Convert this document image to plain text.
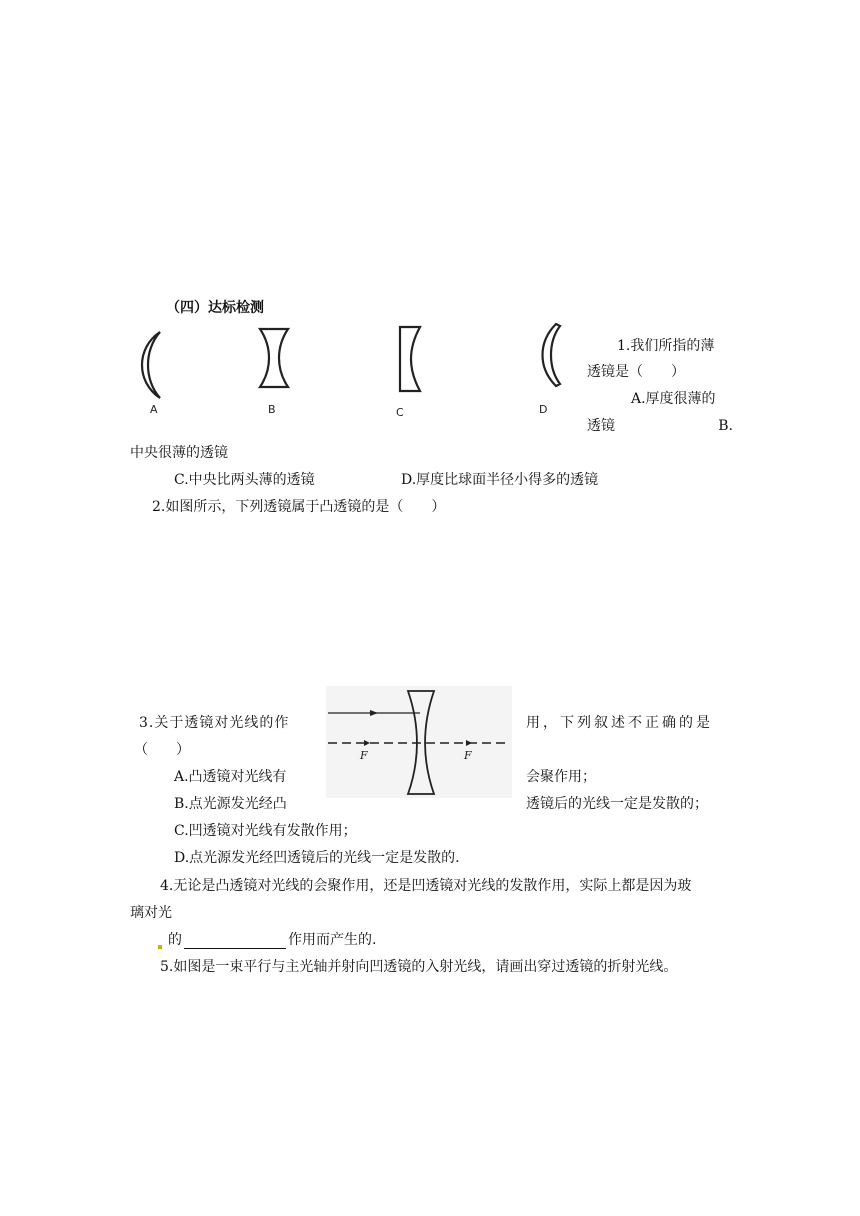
（四）达标检测
A	B	C	D
1.我们所指的薄
透镜是（　　）
A.厚度很薄的
透镜	B.
中央很薄的透镜
C.中央比两头薄的透镜	D.厚度比球面半径小得多的透镜
2.如图所示，下列透镜属于凸透镜的是（　　）
3.关于透镜对光线的作	用，下列叙述不正确的是
（　　）
A.凸透镜对光线有	会聚作用；
B.点光源发光经凸	透镜后的光线一定是发散的；
C.凹透镜对光线有发散作用；
D.点光源发光经凹透镜后的光线一定是发散的.
F	F
4.无论是凸透镜对光线的会聚作用，还是凹透镜对光线的发散作用，实际上都是因为玻
璃对光
的	作用而产生的.
5.如图是一束平行与主光轴并射向凹透镜的入射光线，请画出穿过透镜的折射光线。
